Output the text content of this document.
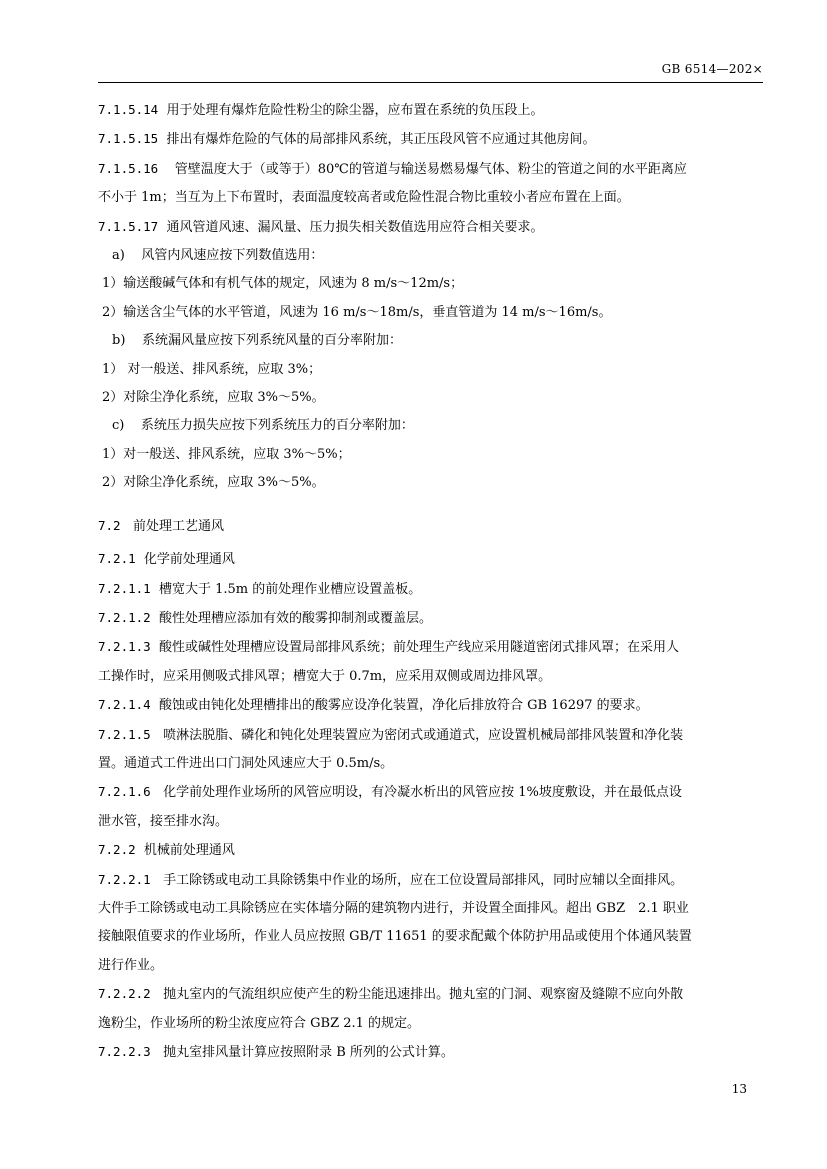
GB 6514—202×
7.1.5.14 用于处理有爆炸危险性粉尘的除尘器，应布置在系统的负压段上。
7.1.5.15 排出有爆炸危险的气体的局部排风系统，其正压段风管不应通过其他房间。
7.1.5.16 管壁温度大于（或等于）80℃的管道与输送易燃易爆气体、粉尘的管道之间的水平距离应
不小于 1m；当互为上下布置时，表面温度较高者或危险性混合物比重较小者应布置在上面。
7.1.5.17 通风管道风速、漏风量、压力损失相关数值选用应符合相关要求。
a) 风管内风速应按下列数值选用：
1）输送酸碱气体和有机气体的规定，风速为 8 m/s～12m/s；
2）输送含尘气体的水平管道，风速为 16 m/s～18m/s，垂直管道为 14 m/s～16m/s。
b) 系统漏风量应按下列系统风量的百分率附加：
1） 对一般送、排风系统，应取 3%；
2）对除尘净化系统，应取 3%～5%。
c) 系统压力损失应按下列系统压力的百分率附加：
1）对一般送、排风系统，应取 3%～5%；
2）对除尘净化系统，应取 3%～5%。
7.2 前处理工艺通风
7.2.1 化学前处理通风
7.2.1.1 槽宽大于 1.5m 的前处理作业槽应设置盖板。
7.2.1.2 酸性处理槽应添加有效的酸雾抑制剂或覆盖层。
7.2.1.3 酸性或碱性处理槽应设置局部排风系统；前处理生产线应采用隧道密闭式排风罩；在采用人
工操作时，应采用侧吸式排风罩；槽宽大于 0.7m，应采用双侧或周边排风罩。
7.2.1.4 酸蚀或由钝化处理槽排出的酸雾应设净化装置，净化后排放符合 GB 16297 的要求。
7.2.1.5 喷淋法脱脂、磷化和钝化处理装置应为密闭式或通道式，应设置机械局部排风装置和净化装
置。通道式工件进出口门洞处风速应大于 0.5m/s。
7.2.1.6 化学前处理作业场所的风管应明设，有冷凝水析出的风管应按 1%坡度敷设，并在最低点设
泄水管，接至排水沟。
7.2.2 机械前处理通风
7.2.2.1 手工除锈或电动工具除锈集中作业的场所，应在工位设置局部排风，同时应辅以全面排风。
大件手工除锈或电动工具除锈应在实体墙分隔的建筑物内进行，并设置全面排风。超出 GBZ　2.1 职业
接触限值要求的作业场所，作业人员应按照 GB/T 11651 的要求配戴个体防护用品或使用个体通风装置
进行作业。
7.2.2.2 抛丸室内的气流组织应使产生的粉尘能迅速排出。抛丸室的门洞、观察窗及缝隙不应向外散
逸粉尘，作业场所的粉尘浓度应符合 GBZ 2.1 的规定。
7.2.2.3 抛丸室排风量计算应按照附录 B 所列的公式计算。
13
